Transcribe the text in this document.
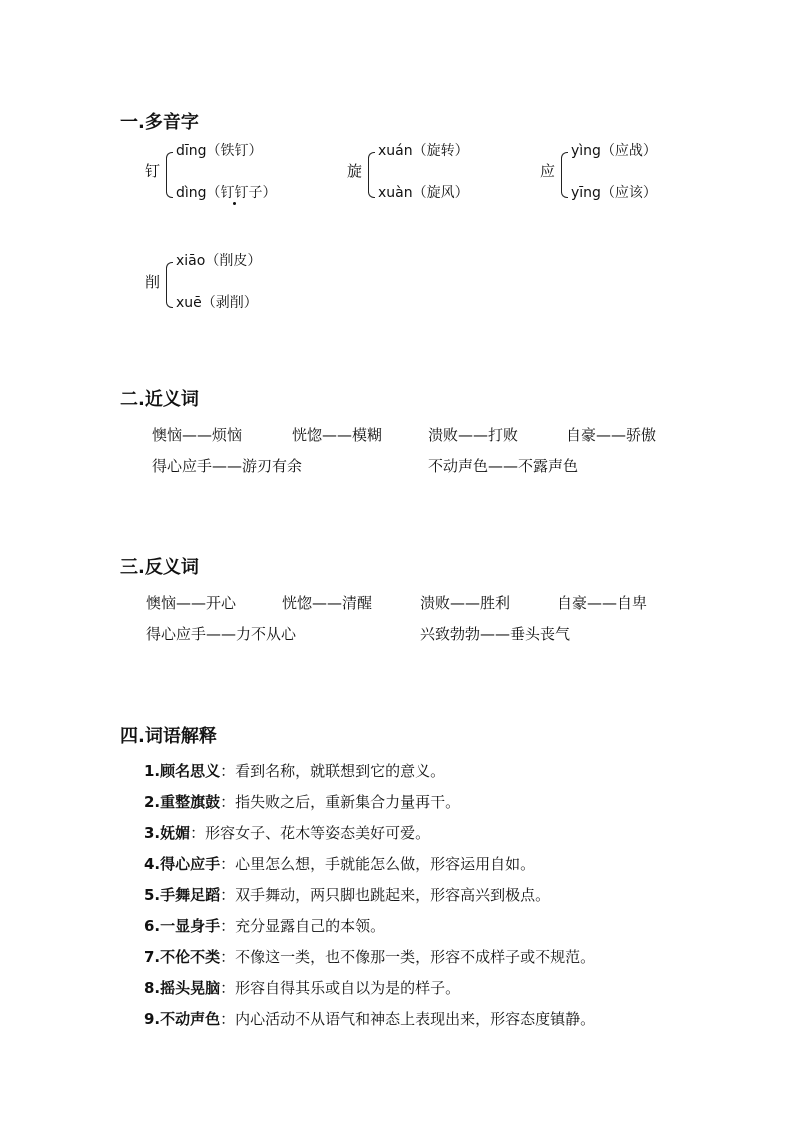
一.多音字
钉
dīng（铁钉）
dìng（钉钉子）
旋
xuán（旋转）
xuàn（旋风）
应
yìng（应战）
yīng（应该）
削
xiāo（削皮）
xuē（剥削）
二.近义词
懊恼——烦恼	恍惚——模糊	溃败——打败	自豪——骄傲
得心应手——游刃有余	不动声色——不露声色
三.反义词
懊恼——开心	恍惚——清醒	溃败——胜利	自豪——自卑
得心应手——力不从心	兴致勃勃——垂头丧气
四.词语解释
1.顾名思义：看到名称，就联想到它的意义。
2.重整旗鼓：指失败之后，重新集合力量再干。
3.妩媚：形容女子、花木等姿态美好可爱。
4.得心应手：心里怎么想，手就能怎么做，形容运用自如。
5.手舞足蹈：双手舞动，两只脚也跳起来，形容高兴到极点。
6.一显身手：充分显露自己的本领。
7.不伦不类：不像这一类，也不像那一类，形容不成样子或不规范。
8.摇头晃脑：形容自得其乐或自以为是的样子。
9.不动声色：内心活动不从语气和神态上表现出来，形容态度镇静。
